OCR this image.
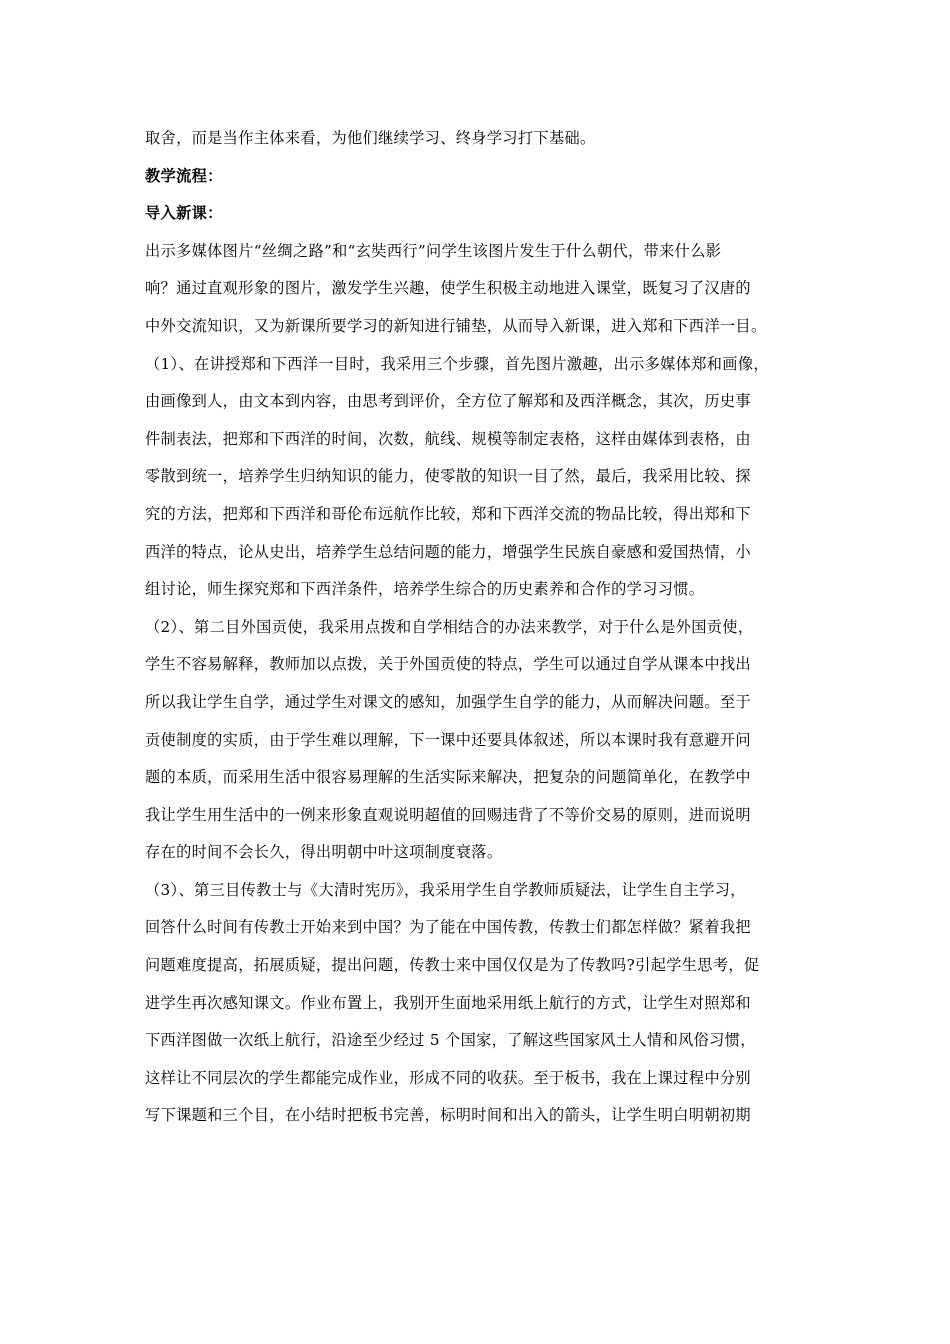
取舍，而是当作主体来看，为他们继续学习、终身学习打下基础。
教学流程：
导入新课：
出示多媒体图片“丝绸之路”和“玄奘西行”问学生该图片发生于什么朝代，带来什么影
响？通过直观形象的图片，激发学生兴趣，使学生积极主动地进入课堂，既复习了汉唐的
中外交流知识，又为新课所要学习的新知进行铺垫，从而导入新课，进入郑和下西洋一目。
（1）、在讲授郑和下西洋一目时，我采用三个步骤，首先图片激趣，出示多媒体郑和画像，
由画像到人，由文本到内容，由思考到评价，全方位了解郑和及西洋概念，其次，历史事
件制表法，把郑和下西洋的时间，次数，航线、规模等制定表格，这样由媒体到表格，由
零散到统一，培养学生归纳知识的能力，使零散的知识一目了然，最后，我采用比较、探
究的方法，把郑和下西洋和哥伦布远航作比较，郑和下西洋交流的物品比较，得出郑和下
西洋的特点，论从史出，培养学生总结问题的能力，增强学生民族自豪感和爱国热情，小
组讨论，师生探究郑和下西洋条件，培养学生综合的历史素养和合作的学习习惯。
（2）、第二目外国贡使，我采用点拨和自学相结合的办法来教学，对于什么是外国贡使，
学生不容易解释，教师加以点拨，关于外国贡使的特点，学生可以通过自学从课本中找出
所以我让学生自学，通过学生对课文的感知，加强学生自学的能力，从而解决问题。至于
贡使制度的实质，由于学生难以理解，下一课中还要具体叙述，所以本课时我有意避开问
题的本质，而采用生活中很容易理解的生活实际来解决，把复杂的问题简单化，在教学中
我让学生用生活中的一例来形象直观说明超值的回赐违背了不等价交易的原则，进而说明
存在的时间不会长久，得出明朝中叶这项制度衰落。
（3）、第三目传教士与《大清时宪历》，我采用学生自学教师质疑法，让学生自主学习，
回答什么时间有传教士开始来到中国？为了能在中国传教，传教士们都怎样做？紧着我把
问题难度提高，拓展质疑，提出问题，传教士来中国仅仅是为了传教吗?引起学生思考，促
进学生再次感知课文。作业布置上，我别开生面地采用纸上航行的方式，让学生对照郑和
下西洋图做一次纸上航行，沿途至少经过 5 个国家，了解这些国家风土人情和风俗习惯，
这样让不同层次的学生都能完成作业，形成不同的收获。至于板书，我在上课过程中分别
写下课题和三个目，在小结时把板书完善，标明时间和出入的箭头，让学生明白明朝初期
